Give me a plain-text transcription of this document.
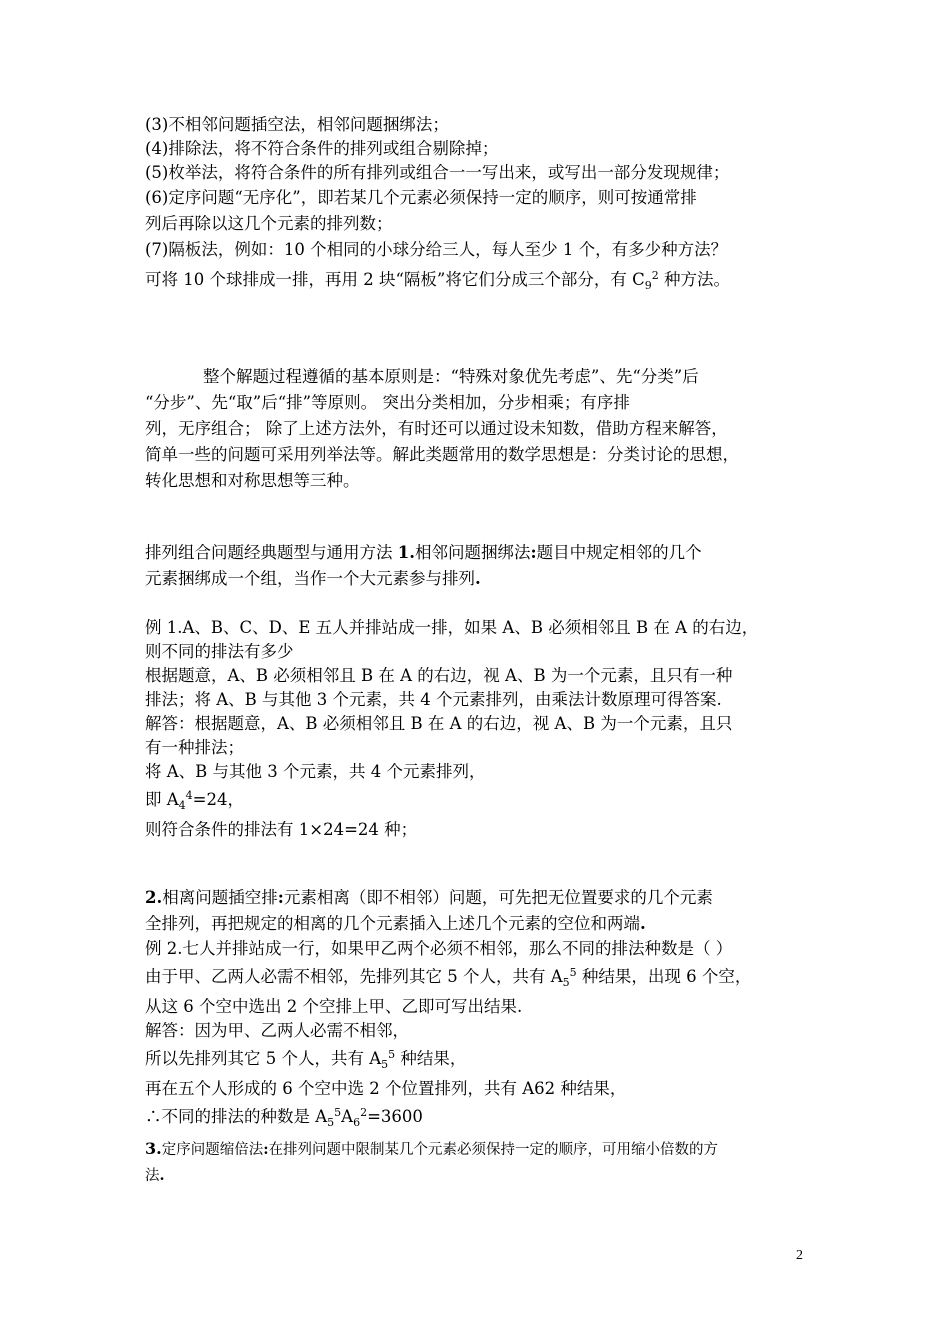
(3)不相邻问题插空法，相邻问题捆绑法；
(4)排除法，将不符合条件的排列或组合剔除掉；
(5)枚举法，将符合条件的所有排列或组合一一写出来，或写出一部分发现规律；
(6)定序问题“无序化”，即若某几个元素必须保持一定的顺序，则可按通常排
列后再除以这几个元素的排列数；
(7)隔板法，例如：10 个相同的小球分给三人，每人至少 1 个，有多少种方法？
可将 10 个球排成一排，再用 2 块“隔板”将它们分成三个部分，有 $C_9^2$ 种方法。
整个解题过程遵循的基本原则是：“特殊对象优先考虑”、先“分类”后
“分步”、先“取”后“排”等原则。 突出分类相加，分步相乘；有序排
列，无序组合； 除了上述方法外，有时还可以通过设未知数，借助方程来解答，
简单一些的问题可采用列举法等。解此类题常用的数学思想是：分类讨论的思想，
转化思想和对称思想等三种。
排列组合问题经典题型与通用方法 1.相邻问题捆绑法:题目中规定相邻的几个
元素捆绑成一个组，当作一个大元素参与排列.
例 1.A、B、C、D、E 五人并排站成一排，如果 A、B 必须相邻且 B 在 A 的右边，
则不同的排法有多少
根据题意，A、B 必须相邻且 B 在 A 的右边，视 A、B 为一个元素，且只有一种
排法；将 A、B 与其他 3 个元素，共 4 个元素排列，由乘法计数原理可得答案.
解答：根据题意，A、B 必须相邻且 B 在 A 的右边，视 A、B 为一个元素，且只
有一种排法；
将 A、B 与其他 3 个元素，共 4 个元素排列，
即 $A_4^4=24$，
则符合条件的排法有 1×24=24 种；
2.相离问题插空排:元素相离（即不相邻）问题，可先把无位置要求的几个元素
全排列，再把规定的相离的几个元素插入上述几个元素的空位和两端.
例 2.七人并排站成一行，如果甲乙两个必须不相邻，那么不同的排法种数是（ ）
由于甲、乙两人必需不相邻，先排列其它 5 个人，共有 $A_5^5$ 种结果，出现 6 个空，
从这 6 个空中选出 2 个空排上甲、乙即可写出结果.
解答：因为甲、乙两人必需不相邻，
所以先排列其它 5 个人，共有 $A_5^5$ 种结果，
再在五个人形成的 6 个空中选 2 个位置排列，共有 A62 种结果，
∴不同的排法的种数是 $A_5^5A_6^2=3600$
3.定序问题缩倍法:在排列问题中限制某几个元素必须保持一定的顺序，可用缩小倍数的方
法.
2
